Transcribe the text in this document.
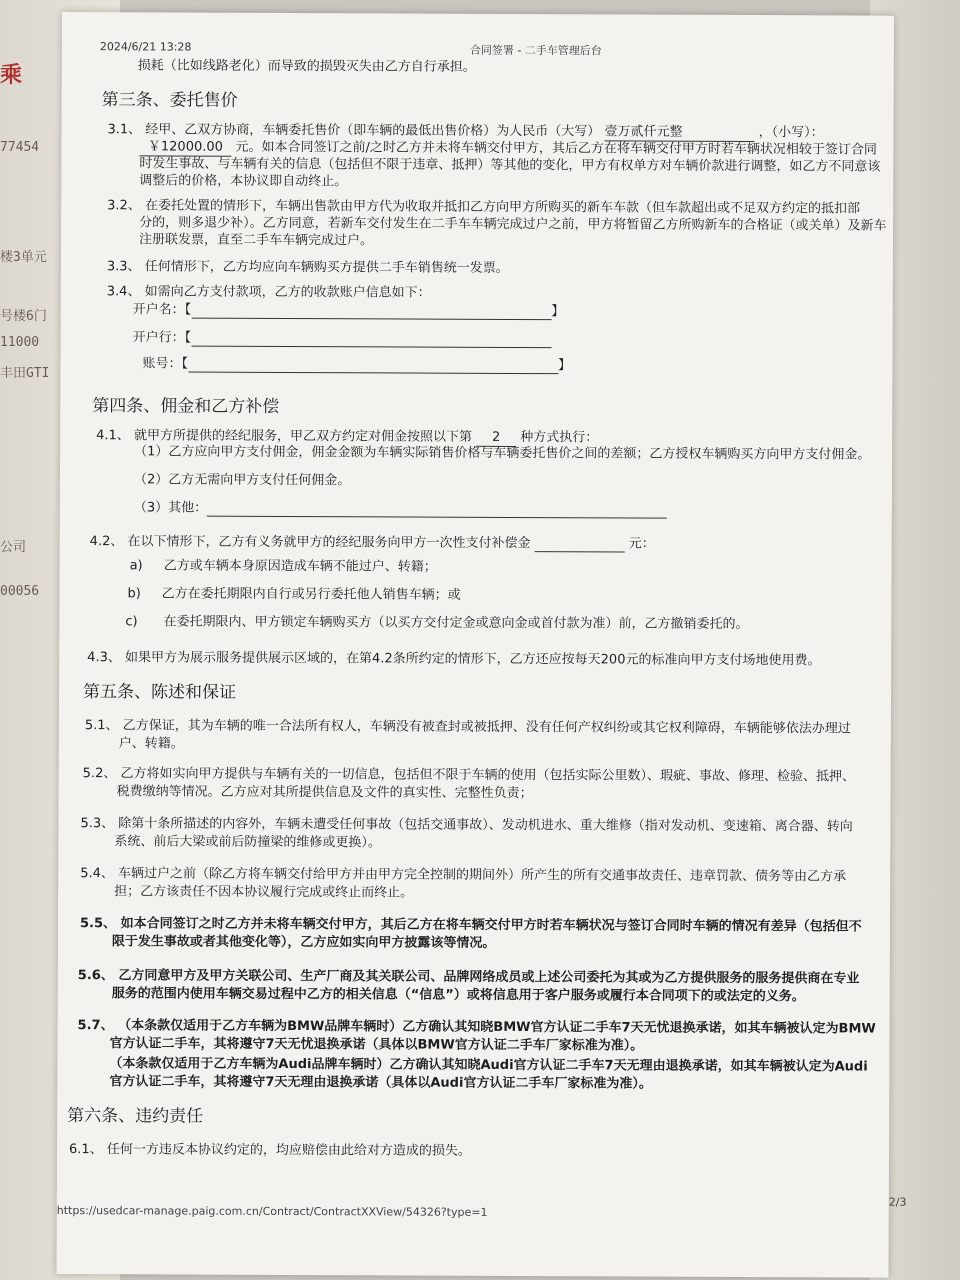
乘
77454
楼3单元
号楼6门
11000
丰田GTI
公司
00056
2024/6/21 13:28	合同签署 - 二手车管理后台
损耗（比如线路老化）而导致的损毁灭失由乙方自行承担。
第三条、委托售价
3.1、 经甲、乙双方协商，车辆委托售价（即车辆的最低出售价格）为人民币（大写） 壹万贰仟元整	，（小写）：
￥12000.00 元。如本合同签订之前/之时乙方并未将车辆交付甲方，其后乙方在将车辆交付甲方时若车辆状况相较于签订合同
时发生事故、与车辆有关的信息（包括但不限于违章、抵押）等其他的变化，甲方有权单方对车辆价款进行调整，如乙方不同意该
调整后的价格，本协议即自动终止。
3.2、 在委托处置的情形下，车辆出售款由甲方代为收取并抵扣乙方向甲方所购买的新车车款（但车款超出或不足双方约定的抵扣部
分的，则多退少补）。乙方同意，若新车交付发生在二手车车辆完成过户之前，甲方将暂留乙方所购新车的合格证（或关单）及新车
注册联发票，直至二手车车辆完成过户。
3.3、 任何情形下，乙方均应向车辆购买方提供二手车销售统一发票。
3.4、 如需向乙方支付款项，乙方的收款账户信息如下：
开户名：【	】
开户行：【
账号：【	】
第四条、佣金和乙方补偿
4.1、 就甲方所提供的经纪服务，甲乙双方约定对佣金按照以下第 2 种方式执行：
（1）乙方应向甲方支付佣金，佣金金额为车辆实际销售价格与车辆委托售价之间的差额；乙方授权车辆购买方向甲方支付佣金。
（2）乙方无需向甲方支付任何佣金。
（3）其他：
4.2、 在以下情形下，乙方有义务就甲方的经纪服务向甲方一次性支付补偿金	元：
a) 乙方或车辆本身原因造成车辆不能过户、转籍；
b) 乙方在委托期限内自行或另行委托他人销售车辆；或
c) 在委托期限内、甲方锁定车辆购买方（以买方交付定金或意向金或首付款为准）前，乙方撤销委托的。
4.3、 如果甲方为展示服务提供展示区域的，在第4.2条所约定的情形下，乙方还应按每天200元的标准向甲方支付场地使用费。
第五条、陈述和保证
5.1、 乙方保证，其为车辆的唯一合法所有权人，车辆没有被查封或被抵押、没有任何产权纠纷或其它权利障碍，车辆能够依法办理过
户、转籍。
5.2、 乙方将如实向甲方提供与车辆有关的一切信息，包括但不限于车辆的使用（包括实际公里数）、瑕疵、事故、修理、检验、抵押、
税费缴纳等情况。乙方应对其所提供信息及文件的真实性、完整性负责；
5.3、 除第十条所描述的内容外，车辆未遭受任何事故（包括交通事故）、发动机进水、重大维修（指对发动机、变速箱、离合器、转向
系统、前后大梁或前后防撞梁的维修或更换）。
5.4、 车辆过户之前（除乙方将车辆交付给甲方并由甲方完全控制的期间外）所产生的所有交通事故责任、违章罚款、债务等由乙方承
担；乙方该责任不因本协议履行完成或终止而终止。
5.5、 如本合同签订之时乙方并未将车辆交付甲方，其后乙方在将车辆交付甲方时若车辆状况与签订合同时车辆的情况有差异（包括但不
限于发生事故或者其他变化等），乙方应如实向甲方披露该等情况。
5.6、 乙方同意甲方及甲方关联公司、生产厂商及其关联公司、品牌网络成员或上述公司委托为其或为乙方提供服务的服务提供商在专业
服务的范围内使用车辆交易过程中乙方的相关信息（“信息”）或将信息用于客户服务或履行本合同项下的或法定的义务。
5.7、 （本条款仅适用于乙方车辆为BMW品牌车辆时）乙方确认其知晓BMW官方认证二手车7天无忧退换承诺，如其车辆被认定为BMW
官方认证二手车，其将遵守7天无忧退换承诺（具体以BMW官方认证二手车厂家标准为准）。
（本条款仅适用于乙方车辆为Audi品牌车辆时）乙方确认其知晓Audi官方认证二手车7天无理由退换承诺，如其车辆被认定为Audi
官方认证二手车，其将遵守7天无理由退换承诺（具体以Audi官方认证二手车厂家标准为准）。
第六条、违约责任
6.1、 任何一方违反本协议约定的，均应赔偿由此给对方造成的损失。
2/3
https://usedcar-manage.paig.com.cn/Contract/ContractXXView/54326?type=1
